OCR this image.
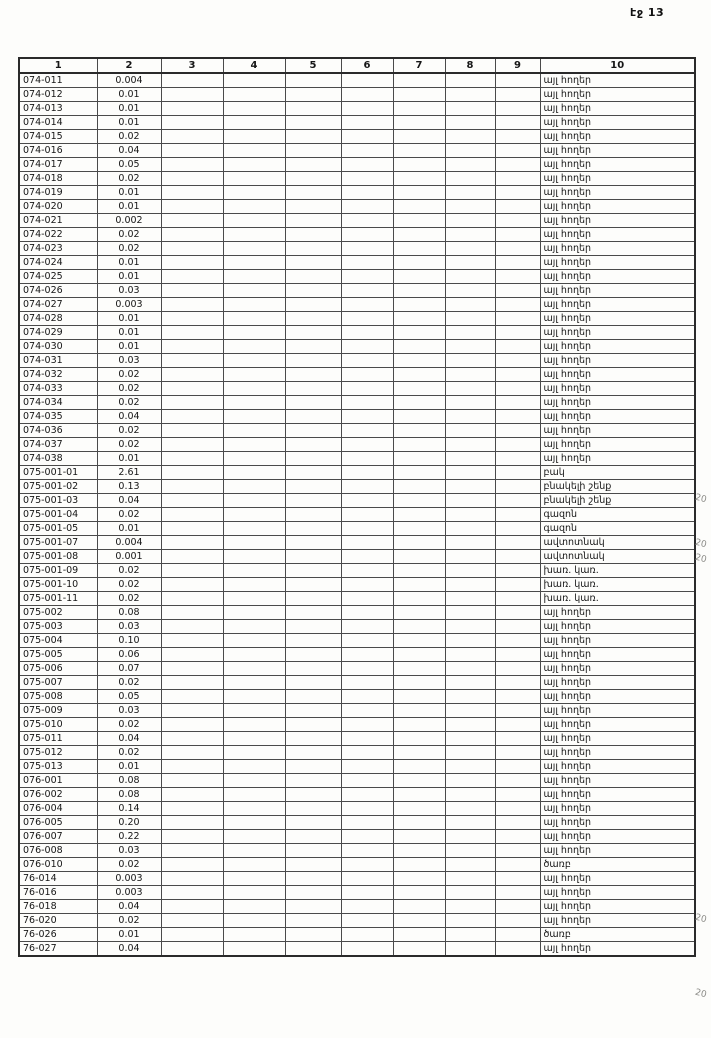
էջ 13
1	2	3	4	5	6	7	8	9	10
074-011	0.004								այլ հողեր
074-012	0.01								այլ հողեր
074-013	0.01								այլ հողեր
074-014	0.01								այլ հողեր
074-015	0.02								այլ հողեր
074-016	0.04								այլ հողեր
074-017	0.05								այլ հողեր
074-018	0.02								այլ հողեր
074-019	0.01								այլ հողեր
074-020	0.01								այլ հողեր
074-021	0.002								այլ հողեր
074-022	0.02								այլ հողեր
074-023	0.02								այլ հողեր
074-024	0.01								այլ հողեր
074-025	0.01								այլ հողեր
074-026	0.03								այլ հողեր
074-027	0.003								այլ հողեր
074-028	0.01								այլ հողեր
074-029	0.01								այլ հողեր
074-030	0.01								այլ հողեր
074-031	0.03								այլ հողեր
074-032	0.02								այլ հողեր
074-033	0.02								այլ հողեր
074-034	0.02								այլ հողեր
074-035	0.04								այլ հողեր
074-036	0.02								այլ հողեր
074-037	0.02								այլ հողեր
074-038	0.01								այլ հողեր
075-001-01	2.61								բակ
075-001-02	0.13								բնակելի շենք
075-001-03	0.04								բնակելի շենք
075-001-04	0.02								գազոն
075-001-05	0.01								գազոն
075-001-07	0.004								ավտոտնակ
075-001-08	0.001								ավտոտնակ
075-001-09	0.02								խառ. կառ.
075-001-10	0.02								խառ. կառ.
075-001-11	0.02								խառ. կառ.
075-002	0.08								այլ հողեր
075-003	0.03								այլ հողեր
075-004	0.10								այլ հողեր
075-005	0.06								այլ հողեր
075-006	0.07								այլ հողեր
075-007	0.02								այլ հողեր
075-008	0.05								այլ հողեր
075-009	0.03								այլ հողեր
075-010	0.02								այլ հողեր
075-011	0.04								այլ հողեր
075-012	0.02								այլ հողեր
075-013	0.01								այլ հողեր
076-001	0.08								այլ հողեր
076-002	0.08								այլ հողեր
076-004	0.14								այլ հողեր
076-005	0.20								այլ հողեր
076-007	0.22								այլ հողեր
076-008	0.03								այլ հողեր
076-010	0.02								ծառբ
76-014	0.003								այլ հողեր
76-016	0.003								այլ հողեր
76-018	0.04								այլ հողեր
76-020	0.02								այլ հողեր
76-026	0.01								ծառբ
76-027	0.04								այլ հողեր
20
20
20
20
20
